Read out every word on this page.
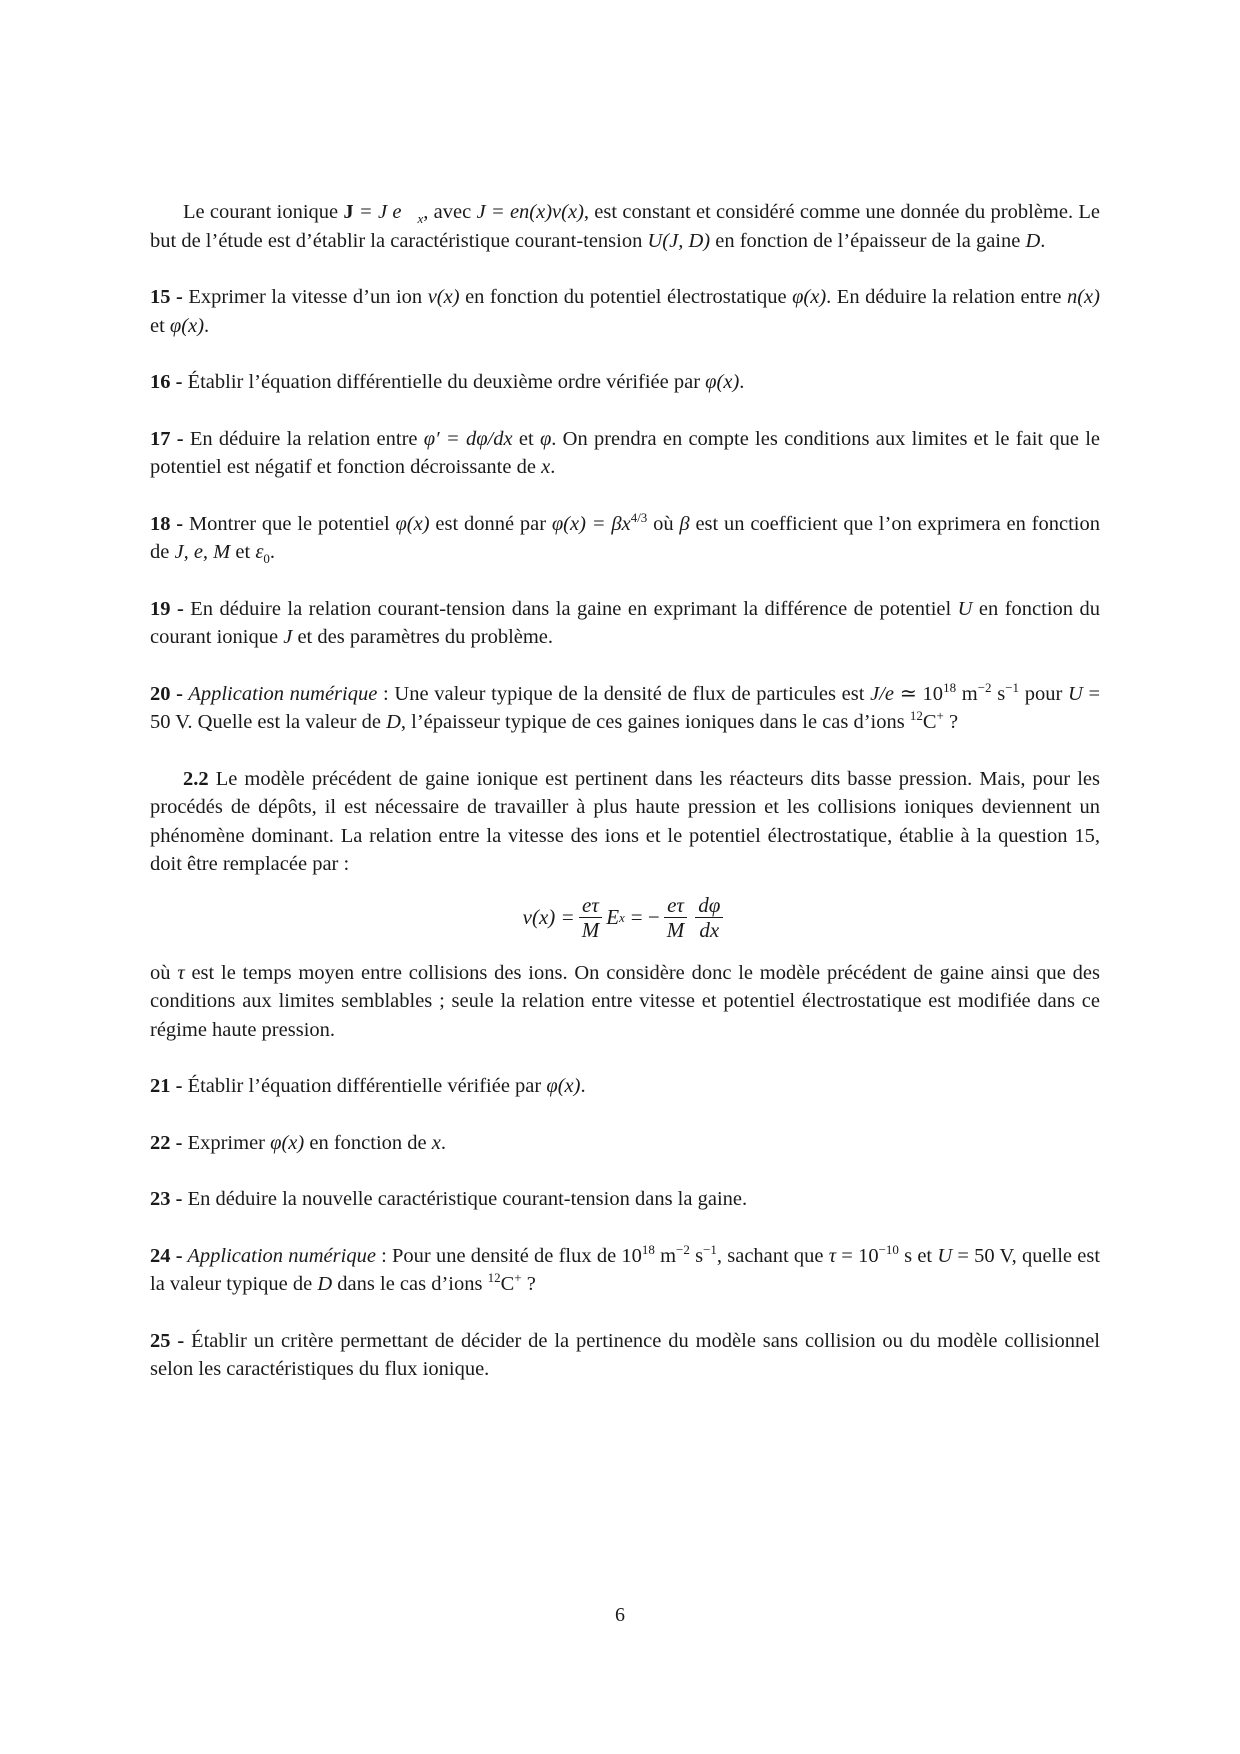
Le courant ionique J = J $e⃗_x$, avec J = en(x)v(x), est constant et considéré comme une donnée du problème. Le but de l’étude est d’établir la caractéristique courant-tension U(J, D) en fonction de l’épaisseur de la gaine D.

15 - Exprimer la vitesse d’un ion v(x) en fonction du potentiel électrostatique φ(x). En déduire la relation entre n(x) et φ(x).

16 - Établir l’équation différentielle du deuxième ordre vérifiée par φ(x).

17 - En déduire la relation entre φ′ = dφ/dx et φ. On prendra en compte les conditions aux limites et le fait que le potentiel est négatif et fonction décroissante de x.

18 - Montrer que le potentiel φ(x) est donné par $\varphi(x) = \beta x^{4/3}$ où β est un coefficient que l’on exprimera en fonction de J, e, M et $\varepsilon_0$.

19 - En déduire la relation courant-tension dans la gaine en exprimant la différence de potentiel U en fonction du courant ionique J et des paramètres du problème.

20 - Application numérique : Une valeur typique de la densité de flux de particules est J/e ≃ $10^{18}$ $m^{-2}$ $s^{-1}$ pour U = 50 V. Quelle est la valeur de D, l’épaisseur typique de ces gaines ioniques dans le cas d’ions $^{12}$C+ ?

2.2 Le modèle précédent de gaine ionique est pertinent dans les réacteurs dits basse pression. Mais, pour les procédés de dépôts, il est nécessaire de travailler à plus haute pression et les collisions ioniques deviennent un phénomène dominant. La relation entre la vitesse des ions et le potentiel électrostatique, établie à la question 15, doit être remplacée par :

$v(x) = \frac{e\tau}{M}$ E x = − $\frac{e\tau}{M} \frac{d\varphi}{dx}$

où τ est le temps moyen entre collisions des ions. On considère donc le modèle précédent de gaine ainsi que des conditions aux limites semblables ; seule la relation entre vitesse et potentiel électrostatique est modifiée dans ce régime haute pression.

21 - Établir l’équation différentielle vérifiée par φ(x).

22 - Exprimer φ(x) en fonction de x.

23 - En déduire la nouvelle caractéristique courant-tension dans la gaine.

24 - Application numérique : Pour une densité de flux de $10^{18}$ $m^{-2}$ $s^{-1}$, sachant que $\tau = 10^{-10}$ s et U = 50 V, quelle est la valeur typique de D dans le cas d’ions $^{12}$C+ ?

25 - Établir un critère permettant de décider de la pertinence du modèle sans collision ou du modèle collisionnel selon les caractéristiques du flux ionique.

6
